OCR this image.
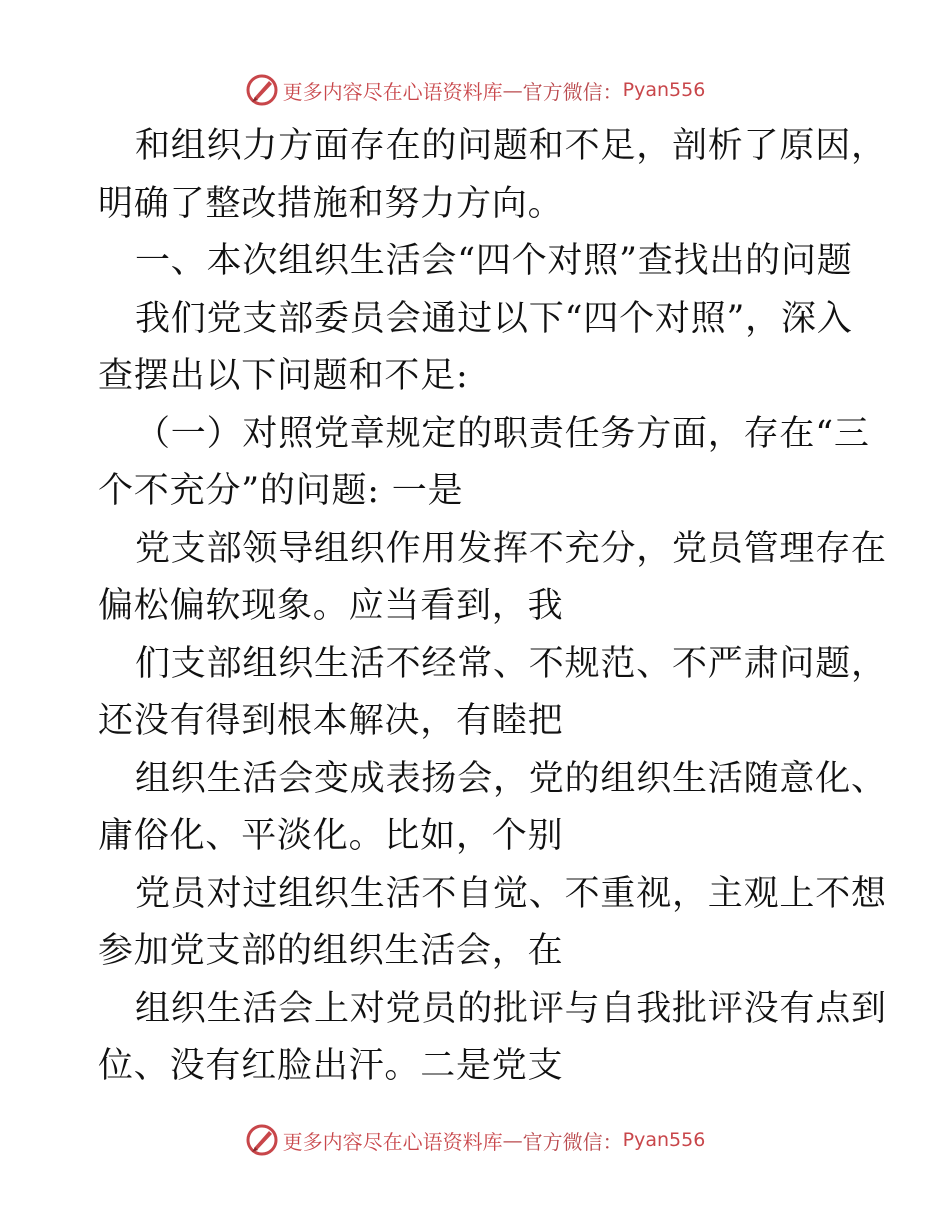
更多内容尽在心语资料库 — 官方微信： Pyan556

和组织力方面存在的问题和不足，剖析了原因，

明确了整改措施和努力方向。

一、本次组织生活会“四个对照”查找出的问题

我们党支部委员会通过以下“四个对照”，深入

查摆出以下问题和不足:

（一）对照党章规定的职责任务方面，存在“三

个不充分”的问题: 一是

党支部领导组织作用发挥不充分，党员管理存在

偏松偏软现象。应当看到，我

们支部组织生活不经常、不规范、不严肃问题，

还没有得到根本解决，有睦把

组织生活会变成表扬会，党的组织生活随意化、

庸俗化、平淡化。比如，个别

党员对过组织生活不自觉、不重视，主观上不想

参加党支部的组织生活会，在

组织生活会上对党员的批评与自我批评没有点到

位、没有红脸出汗。二是党支

更多内容尽在心语资料库 — 官方微信： Pyan556
